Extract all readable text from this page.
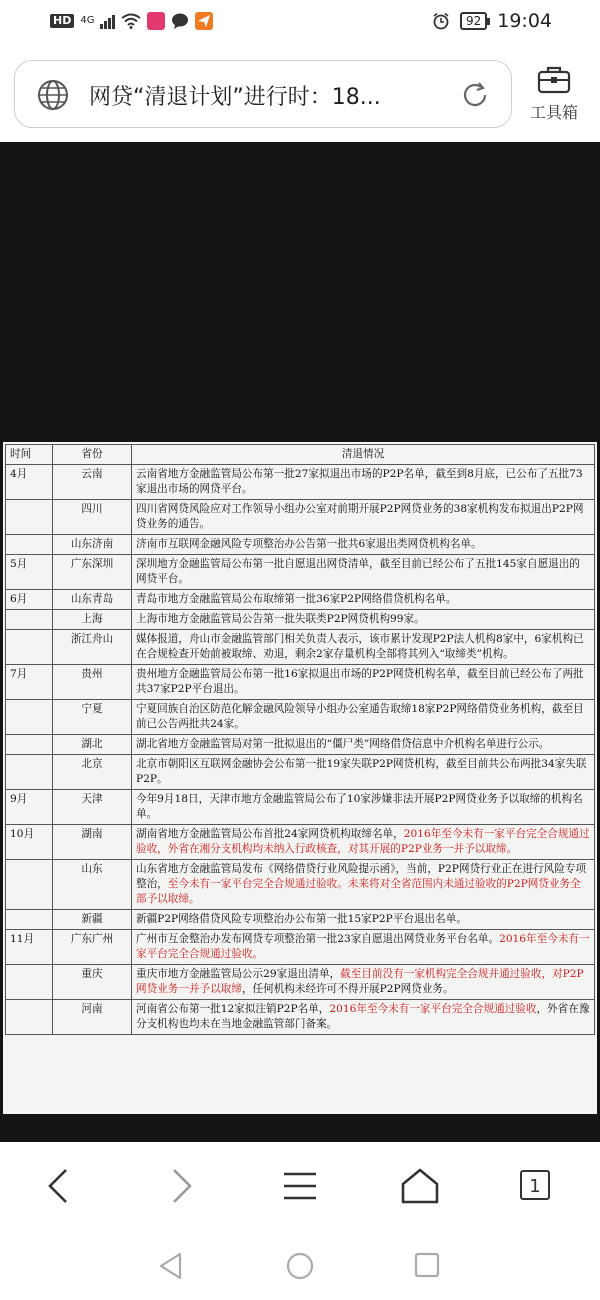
HD 4G	92 19:04
网贷“清退计划”进行时：18...
工具箱
时间	省份	清退情况
4月	云南	云南省地方金融监管局公布第一批27家拟退出市场的P2P名单，截至到8月底，已公布了五批73家退出市场的网贷平台。
	四川	四川省网贷风险应对工作领导小组办公室对前期开展P2P网贷业务的38家机构发布拟退出P2P网贷业务的通告。
	山东济南	济南市互联网金融风险专项整治办公告第一批共6家退出类网贷机构名单。
5月	广东深圳	深圳地方金融监管局公布第一批自愿退出网贷清单，截至目前已经公布了五批145家自愿退出的网贷平台。
6月	山东青岛	青岛市地方金融监管局公布取缔第一批36家P2P网络借贷机构名单。
	上海	上海市地方金融监管局公告第一批失联类P2P网贷机构99家。
	浙江舟山	媒体报道，舟山市金融监管部门相关负责人表示，该市累计发现P2P法人机构8家中，6家机构已在合规检查开始前被取缔、劝退，剩余2家存量机构全部将其列入“取缔类”机构。
7月	贵州	贵州地方金融监管局公布第一批16家拟退出市场的P2P网贷机构名单，截至目前已经公布了两批共37家P2P平台退出。
	宁夏	宁夏回族自治区防范化解金融风险领导小组办公室通告取缔18家P2P网络借贷业务机构，截至目前已公告两批共24家。
	湖北	湖北省地方金融监管局对第一批拟退出的“僵尸类”网络借贷信息中介机构名单进行公示。
	北京	北京市朝阳区互联网金融协会公布第一批19家失联P2P网贷机构，截至目前共公布两批34家失联P2P。
9月	天津	今年9月18日，天津市地方金融监管局公布了10家涉嫌非法开展P2P网贷业务予以取缔的机构名单。
10月	湖南	湖南省地方金融监管局公布首批24家网贷机构取缔名单，2016年至今未有一家平台完全合规通过验收，外省在湘分支机构均未纳入行政核查，对其开展的P2P业务一并予以取缔。
	山东	山东省地方金融监管局发布《网络借贷行业风险提示函》，当前，P2P网贷行业正在进行风险专项整治，至今未有一家平台完全合规通过验收。未来将对全省范围内未通过验收的P2P网贷业务全部予以取缔。
	新疆	新疆P2P网络借贷风险专项整治办公布第一批15家P2P平台退出名单。
11月	广东广州	广州市互金整治办发布网贷专项整治第一批23家自愿退出网贷业务平台名单。2016年至今未有一家平台完全合规通过验收。
	重庆	重庆市地方金融监管局公示29家退出清单，截至目前没有一家机构完全合规并通过验收，对P2P网贷业务一并予以取缔，任何机构未经许可不得开展P2P网贷业务。
	河南	河南省公布第一批12家拟注销P2P名单，2016年至今未有一家平台完全合规通过验收，外省在豫分支机构也均未在当地金融监管部门备案。
1
